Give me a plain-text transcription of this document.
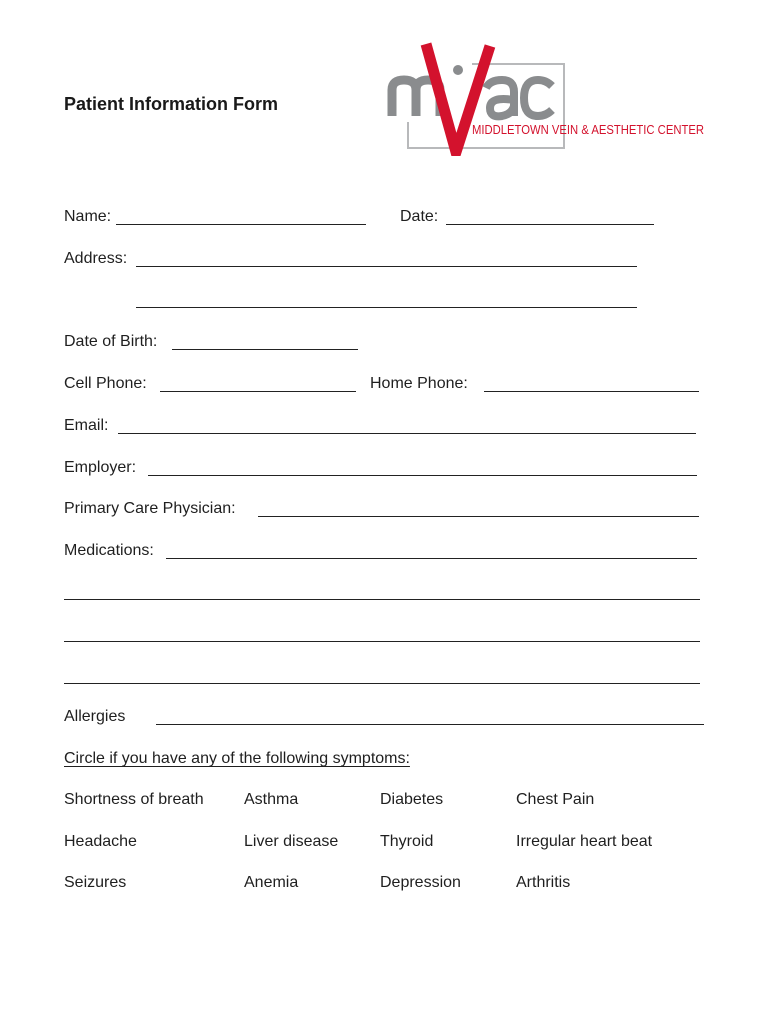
Patient Information Form
MIDDLETOWN VEIN & AESTHETIC CENTER
Name:	Date:
Address:
Date of Birth:
Cell Phone:	Home Phone:
Email:
Employer:
Primary Care Physician:
Medications:
Allergies
Circle if you have any of the following symptoms:
Shortness of breath	Asthma	Diabetes	Chest Pain
Headache	Liver disease	Thyroid	Irregular heart beat
Seizures	Anemia	Depression	Arthritis
